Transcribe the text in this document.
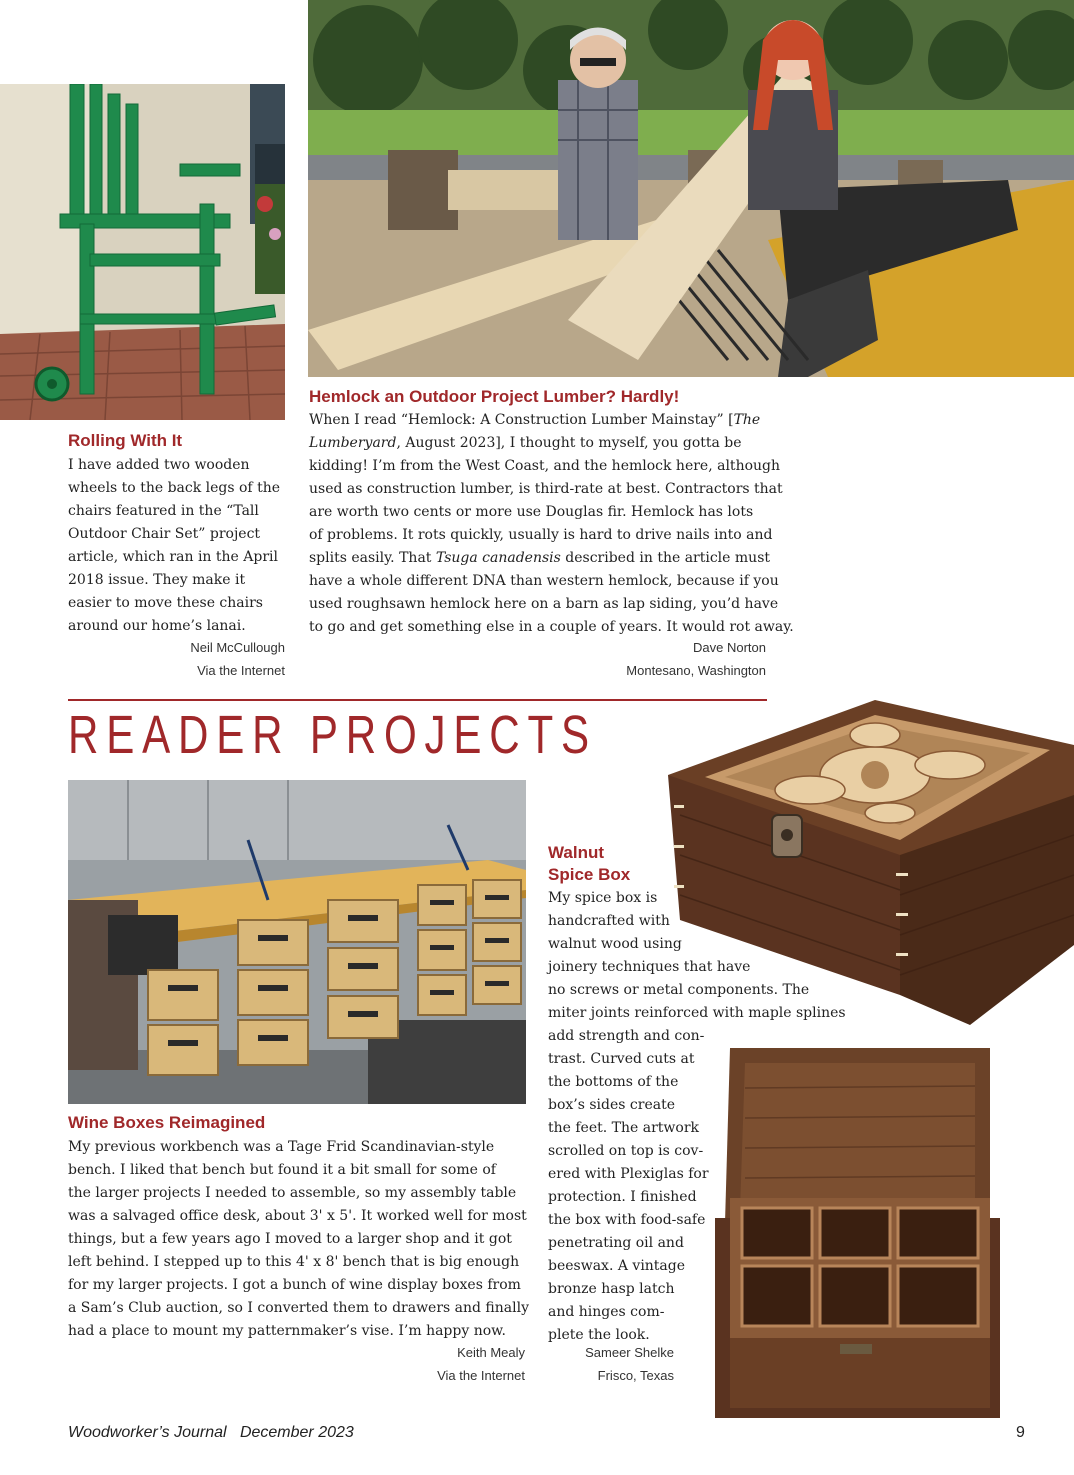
Rolling With It

I have added two wooden

wheels to the back legs of the

chairs featured in the “Tall

Outdoor Chair Set” project

article, which ran in the April

2018 issue. They make it

easier to move these chairs

around our home’s lanai.

Neil McCullough
Via the Internet
Hemlock an Outdoor Project Lumber? Hardly!

When I read “Hemlock: A Construction Lumber Mainstay” [The

Lumberyard, August 2023], I thought to myself, you gotta be

kidding! I’m from the West Coast, and the hemlock here, although

used as construction lumber, is third-rate at best. Contractors that

are worth two cents or more use Douglas fir. Hemlock has lots

of problems. It rots quickly, usually is hard to drive nails into and

splits easily. That Tsuga canadensis described in the article must

have a whole different DNA than western hemlock, because if you

used roughsawn hemlock here on a barn as lap siding, you’d have

to go and get something else in a couple of years. It would rot away.

Dave Norton
Montesano, Washington
READER PROJECTS
Wine Boxes Reimagined

My previous workbench was a Tage Frid Scandinavian-style

bench. I liked that bench but found it a bit small for some of

the larger projects I needed to assemble, so my assembly table

was a salvaged office desk, about 3' x 5'. It worked well for most

things, but a few years ago I moved to a larger shop and it got

left behind. I stepped up to this 4' x 8' bench that is big enough

for my larger projects. I got a bunch of wine display boxes from

a Sam’s Club auction, so I converted them to drawers and finally

had a place to mount my patternmaker’s vise. I’m happy now.

Keith Mealy
Via the Internet
Walnut
Spice Box

My spice box is

handcrafted with

walnut wood using

joinery techniques that have

no screws or metal components. The

miter joints reinforced with maple splines

add strength and con-

trast. Curved cuts at

the bottoms of the

box’s sides create

the feet. The artwork

scrolled on top is cov-

ered with Plexiglas for

protection. I finished

the box with food-safe

penetrating oil and

beeswax. A vintage

bronze hasp latch

and hinges com-

plete the look.

Sameer Shelke
Frisco, Texas
Woodworker’s Journal December 2023	9
